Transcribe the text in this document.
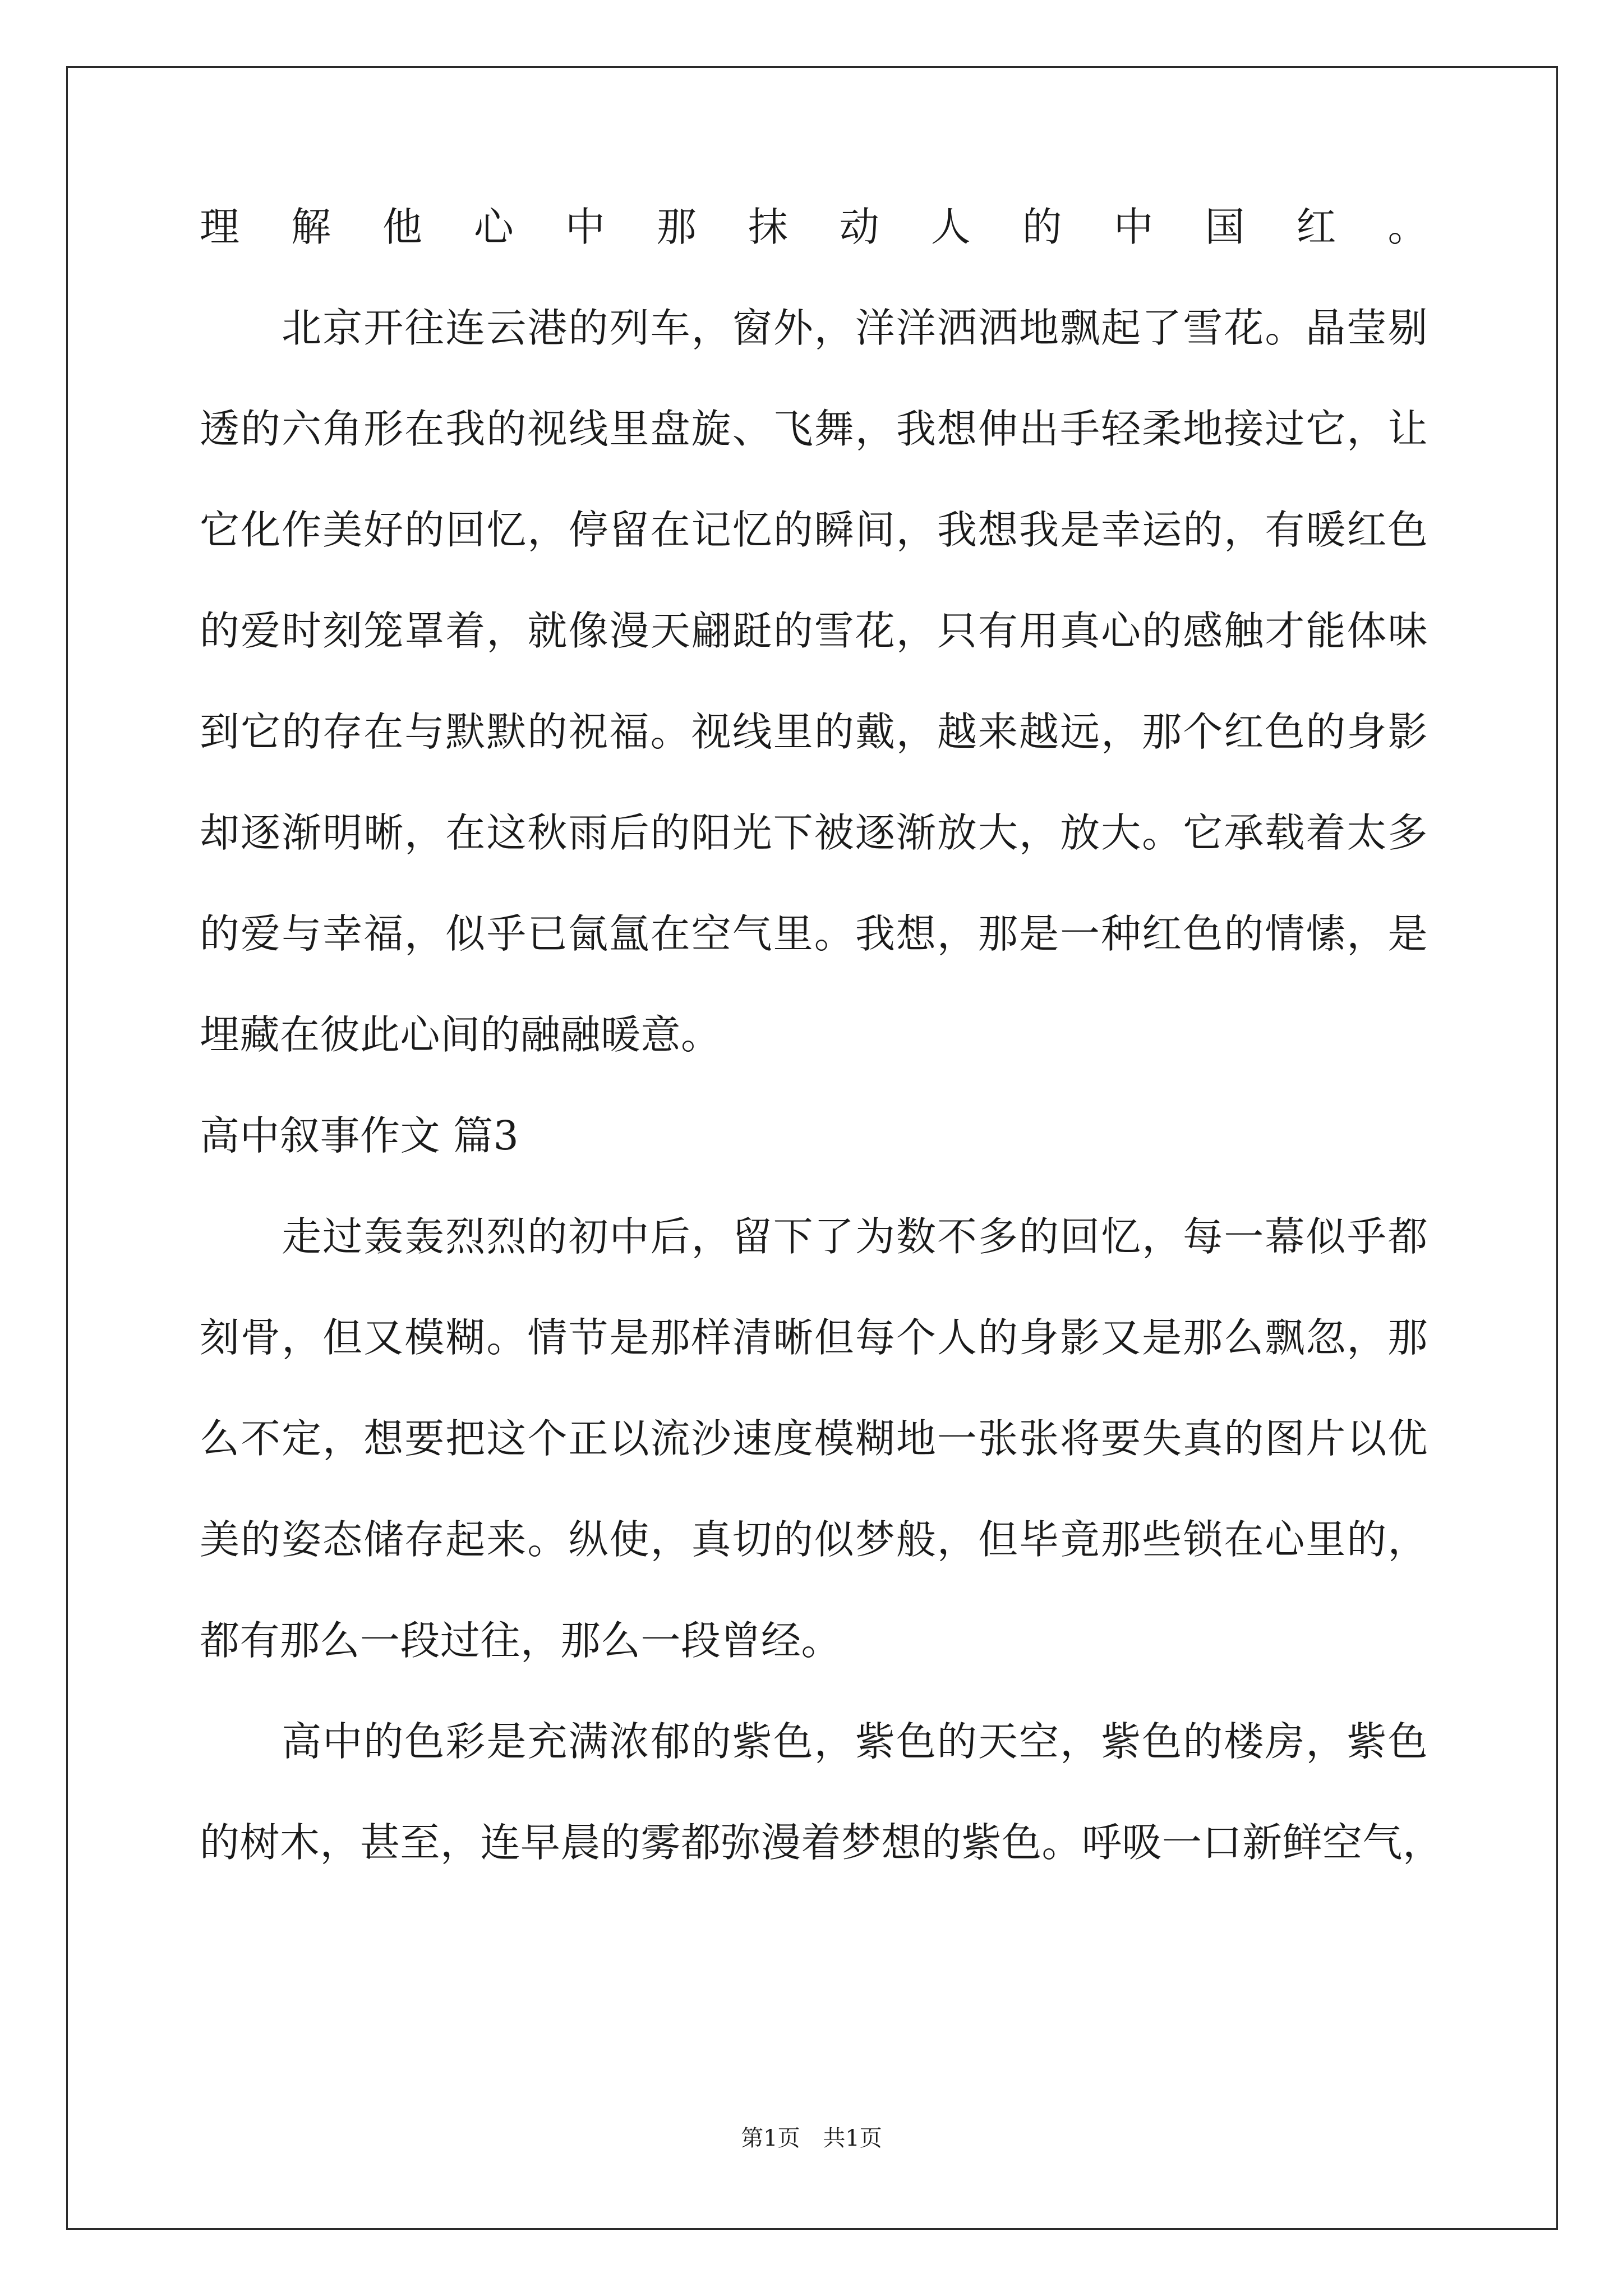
理解他心中那抹动人的中国红。
　　北京开往连云港的列车，窗外，洋洋洒洒地飘起了雪花。晶莹剔
透的六角形在我的视线里盘旋、飞舞，我想伸出手轻柔地接过它，让
它化作美好的回忆，停留在记忆的瞬间，我想我是幸运的，有暖红色
的爱时刻笼罩着，就像漫天翩跹的雪花，只有用真心的感触才能体味
到它的存在与默默的祝福。视线里的戴，越来越远，那个红色的身影
却逐渐明晰，在这秋雨后的阳光下被逐渐放大，放大。它承载着太多
的爱与幸福，似乎已氤氲在空气里。我想，那是一种红色的情愫，是
埋藏在彼此心间的融融暖意。
高中叙事作文 篇3
　　走过轰轰烈烈的初中后，留下了为数不多的回忆，每一幕似乎都
刻骨，但又模糊。情节是那样清晰但每个人的身影又是那么飘忽，那
么不定，想要把这个正以流沙速度模糊地一张张将要失真的图片以优
美的姿态储存起来。纵使，真切的似梦般，但毕竟那些锁在心里的，
都有那么一段过往，那么一段曾经。
　　高中的色彩是充满浓郁的紫色，紫色的天空，紫色的楼房，紫色
的树木，甚至，连早晨的雾都弥漫着梦想的紫色。呼吸一口新鲜空气，
第1页 共1页
